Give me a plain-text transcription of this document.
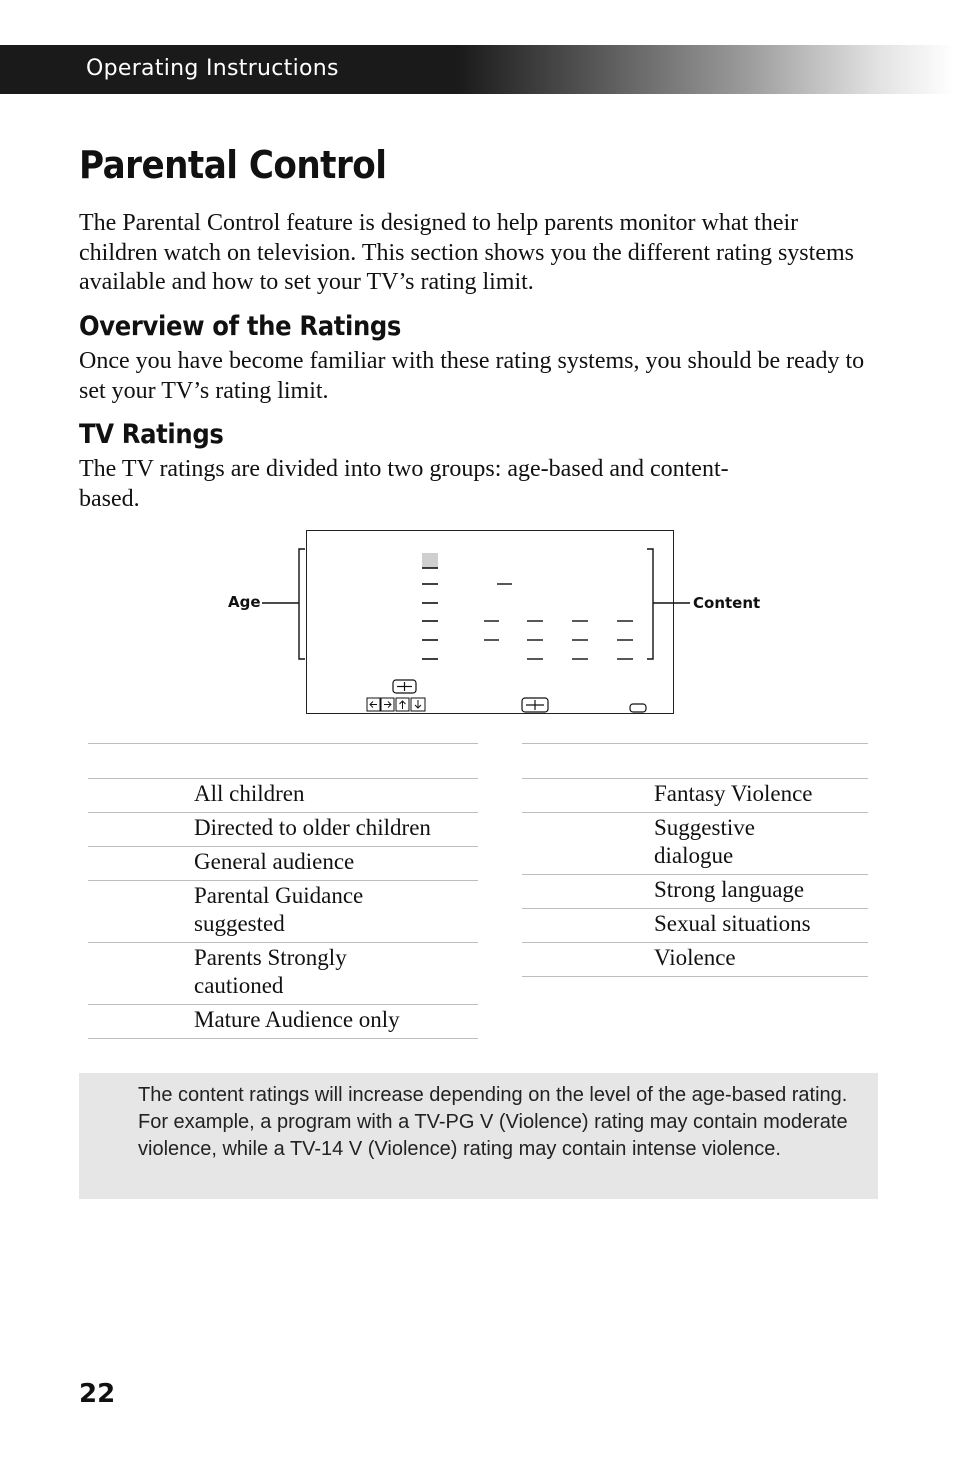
Operating Instructions
Parental Control

The Parental Control feature is designed to help parents monitor what their children watch on television. This section shows you the different rating systems available and how to set your TV’s rating limit.

Overview of the Ratings

Once you have become familiar with these rating systems, you should be ready to set your TV’s rating limit.

TV Ratings

The TV ratings are divided into two groups: age-based and content-based.

Age	Content

	All children
	Directed to older children
	General audience
	Parental Guidance suggested
	Parents Strongly cautioned
	Mature Audience only

	Fantasy Violence
	Suggestive dialogue
	Strong language
	Sexual situations
	Violence

The content ratings will increase depending on the level of the age-based rating. For example, a program with a TV-PG V (Violence) rating may contain moderate violence, while a TV-14 V (Violence) rating may contain intense violence.

22
